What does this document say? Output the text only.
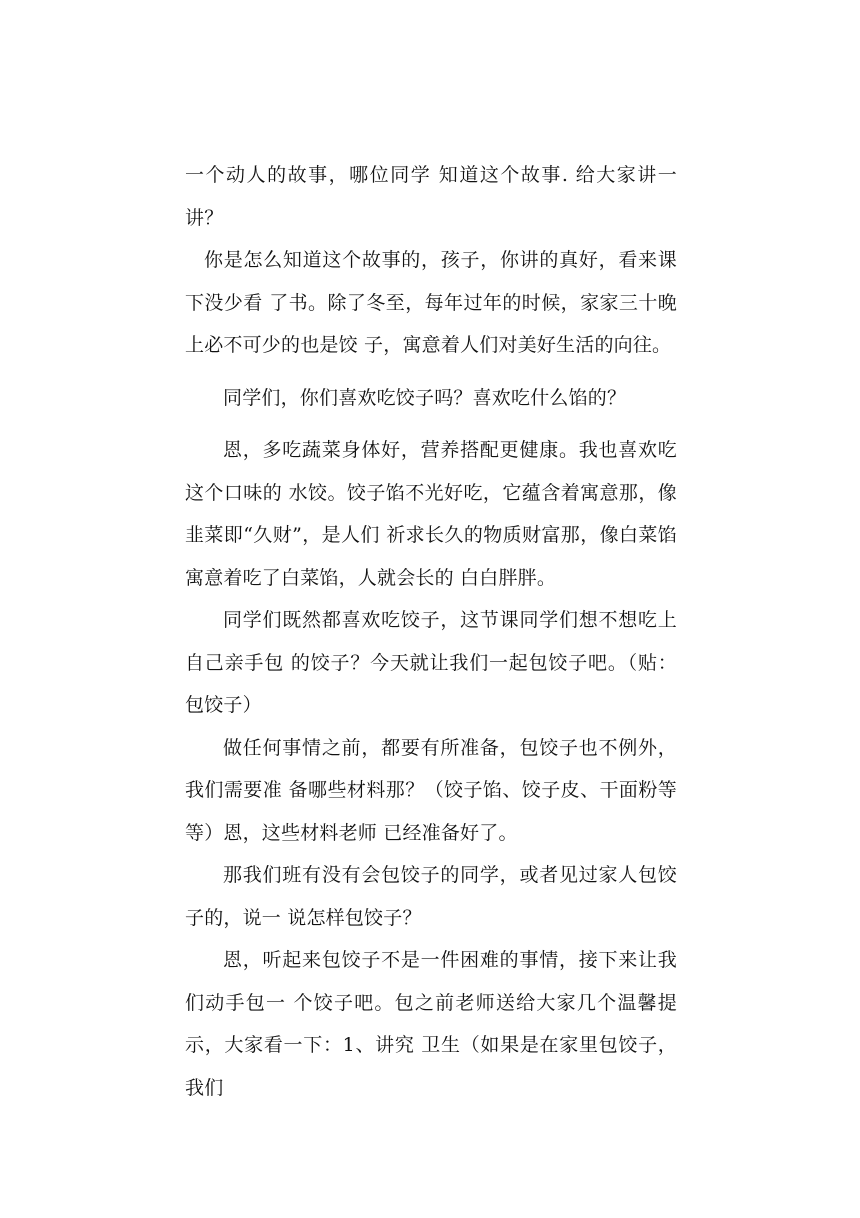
一个动人的故事，哪位同学 知道这个故事. 给大家讲一讲？

你是怎么知道这个故事的，孩子，你讲的真好，看来课下没少看 了书。除了冬至，每年过年的时候，家家三十晚上必不可少的也是饺 子，寓意着人们对美好生活的向往。

同学们，你们喜欢吃饺子吗？喜欢吃什么馅的？

恩，多吃蔬菜身体好，营养搭配更健康。我也喜欢吃这个口味的 水饺。饺子馅不光好吃，它蕴含着寓意那，像韭菜即“久财”，是人们 祈求长久的物质财富那，像白菜馅寓意着吃了白菜馅，人就会长的 白白胖胖。

同学们既然都喜欢吃饺子，这节课同学们想不想吃上自己亲手包 的饺子？今天就让我们一起包饺子吧。（贴：包饺子）

做任何事情之前，都要有所准备，包饺子也不例外，我们需要准 备哪些材料那？（饺子馅、饺子皮、干面粉等等）恩，这些材料老师 已经准备好了。

那我们班有没有会包饺子的同学，或者见过家人包饺子的，说一 说怎样包饺子？

恩，听起来包饺子不是一件困难的事情，接下来让我们动手包一 个饺子吧。包之前老师送给大家几个温馨提示，大家看一下：1、讲究 卫生（如果是在家里包饺子，我们
